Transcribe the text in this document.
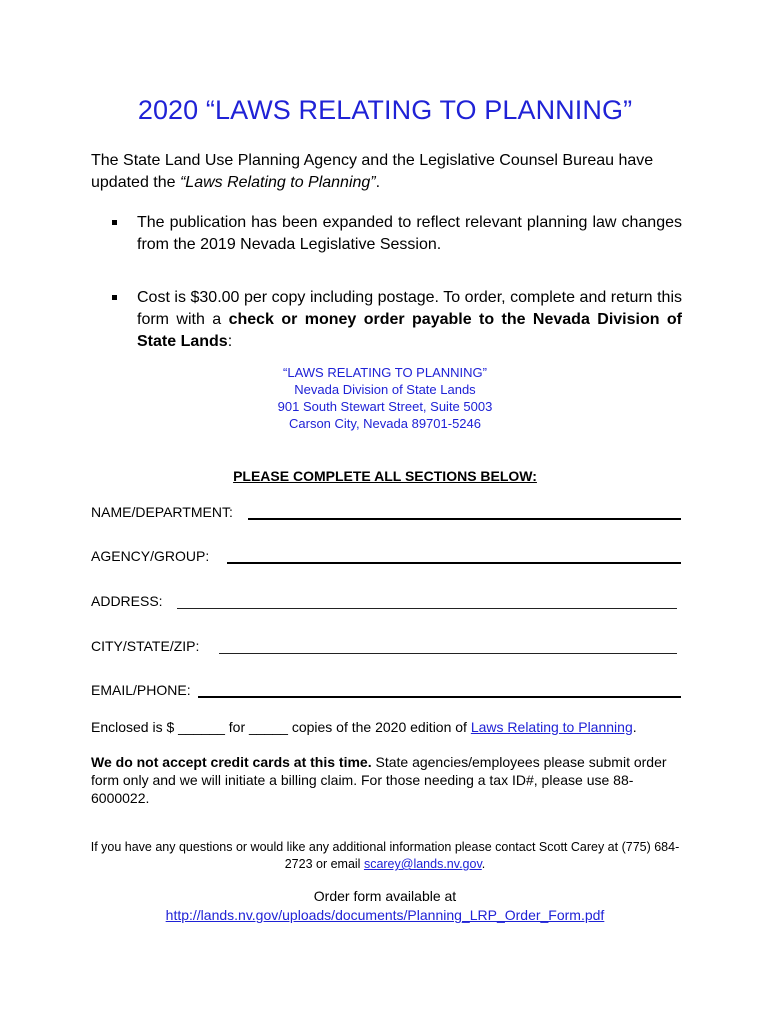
2020 “LAWS RELATING TO PLANNING”

The State Land Use Planning Agency and the Legislative Counsel Bureau have updated the “Laws Relating to Planning”.

The publication has been expanded to reflect relevant planning law changes from the 2019 Nevada Legislative Session.
Cost is $30.00 per copy including postage. To order, complete and return this form with a check or money order payable to the Nevada Division of State Lands:
“LAWS RELATING TO PLANNING”
Nevada Division of State Lands
901 South Stewart Street, Suite 5003
Carson City, Nevada 89701-5246
PLEASE COMPLETE ALL SECTIONS BELOW:
NAME/DEPARTMENT:
AGENCY/GROUP:
ADDRESS:
CITY/STATE/ZIP:
EMAIL/PHONE:
Enclosed is $ ______ for _____ copies of the 2020 edition of Laws Relating to Planning.
We do not accept credit cards at this time. State agencies/employees please submit order form only and we will initiate a billing claim. For those needing a tax ID#, please use 88-6000022.
If you have any questions or would like any additional information please contact Scott Carey at (775) 684-2723 or email scarey@lands.nv.gov.
Order form available at
http://lands.nv.gov/uploads/documents/Planning_LRP_Order_Form.pdf
